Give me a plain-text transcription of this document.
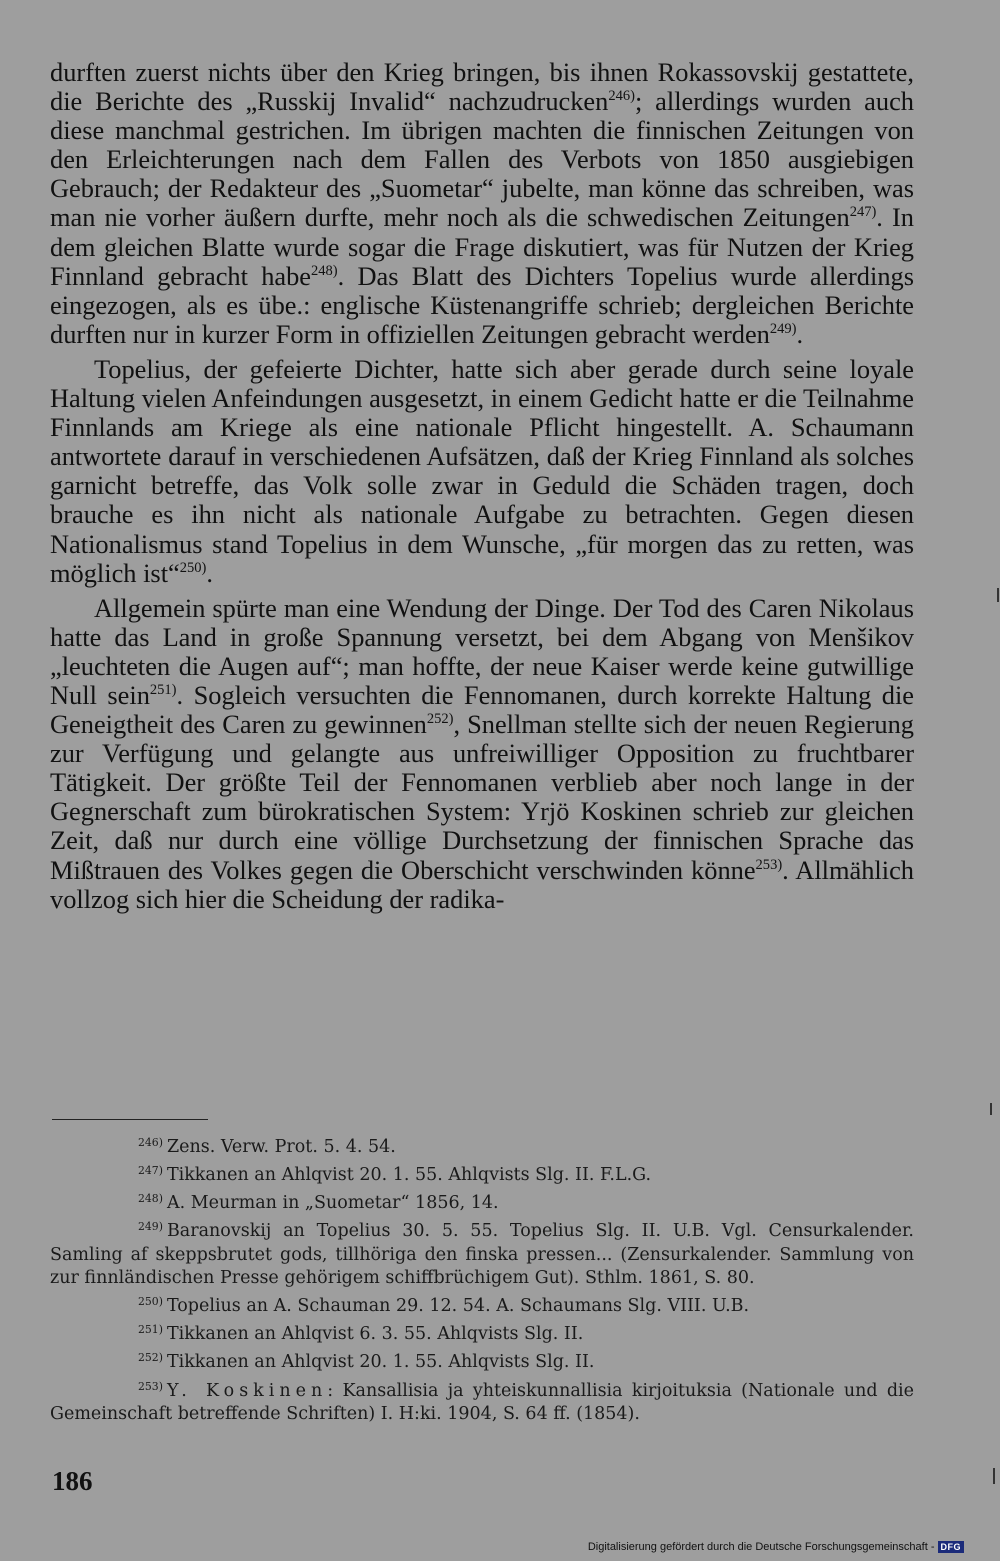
durften zuerst nichts über den Krieg bringen, bis ihnen Rokassovskij gestattete, die Berichte des „Russkij Invalid“ nachzudrucken$^{246)}$; allerdings wurden auch diese manchmal gestrichen. Im übrigen machten die finnischen Zeitungen von den Erleichterungen nach dem Fallen des Verbots von 1850 ausgiebigen Gebrauch; der Redakteur des „Suometar“ jubelte, man könne das schreiben, was man nie vorher äußern durfte, mehr noch als die schwedischen Zeitungen$^{247)}$. In dem gleichen Blatte wurde sogar die Frage diskutiert, was für Nutzen der Krieg Finnland gebracht habe$^{248)}$. Das Blatt des Dichters Topelius wurde allerdings eingezogen, als es übe.: englische Küstenangriffe schrieb; dergleichen Berichte durften nur in kurzer Form in offiziellen Zeitungen gebracht werden$^{249)}$.

Topelius, der gefeierte Dichter, hatte sich aber gerade durch seine loyale Haltung vielen Anfeindungen ausgesetzt, in einem Gedicht hatte er die Teilnahme Finnlands am Kriege als eine nationale Pflicht hingestellt. A. Schaumann antwortete darauf in verschiedenen Aufsätzen, daß der Krieg Finnland als solches garnicht betreffe, das Volk solle zwar in Geduld die Schäden tragen, doch brauche es ihn nicht als nationale Aufgabe zu betrachten. Gegen diesen Nationalismus stand Topelius in dem Wunsche, „für morgen das zu retten, was möglich ist“$^{250)}$.

Allgemein spürte man eine Wendung der Dinge. Der Tod des Caren Nikolaus hatte das Land in große Spannung versetzt, bei dem Abgang von Menšikov „leuchteten die Augen auf“; man hoffte, der neue Kaiser werde keine gutwillige Null sein$^{251)}$. Sogleich versuchten die Fennomanen, durch korrekte Haltung die Geneigtheit des Caren zu gewinnen$^{252)}$, Snellman stellte sich der neuen Regierung zur Verfügung und gelangte aus unfreiwilliger Opposition zu fruchtbarer Tätigkeit. Der größte Teil der Fennomanen verblieb aber noch lange in der Gegnerschaft zum bürokratischen System: Yrjö Koskinen schrieb zur gleichen Zeit, daß nur durch eine völlige Durchsetzung der finnischen Sprache das Mißtrauen des Volkes gegen die Oberschicht verschwinden könne$^{253)}$. Allmählich vollzog sich hier die Scheidung der radika-

$^{246)}$ Zens. Verw. Prot. 5. 4. 54.
$^{247)}$ Tikkanen an Ahlqvist 20. 1. 55. Ahlqvists Slg. II. F.L.G.
$^{248)}$ A. Meurman in „Suometar“ 1856, 14.
$^{249)}$ Baranovskij an Topelius 30. 5. 55. Topelius Slg. II. U.B. Vgl. Censurkalender. Samling af skeppsbrutet gods, tillhöriga den finska pressen... (Zensurkalender. Sammlung von zur finnländischen Presse gehörigem schiffbrüchigem Gut). Sthlm. 1861, S. 80.
$^{250)}$ Topelius an A. Schauman 29. 12. 54. A. Schaumans Slg. VIII. U.B.
$^{251)}$ Tikkanen an Ahlqvist 6. 3. 55. Ahlqvists Slg. II.
$^{252)}$ Tikkanen an Ahlqvist 20. 1. 55. Ahlqvists Slg. II.
$^{253)}$ Y. Koskinen: Kansallisia ja yhteiskunnallisia kirjoituksia (Nationale und die Gemeinschaft betreffende Schriften) I. H:ki. 1904, S. 64 ff. (1854).
186
Digitalisierung gefördert durch die Deutsche Forschungsgemeinschaft - DFG
